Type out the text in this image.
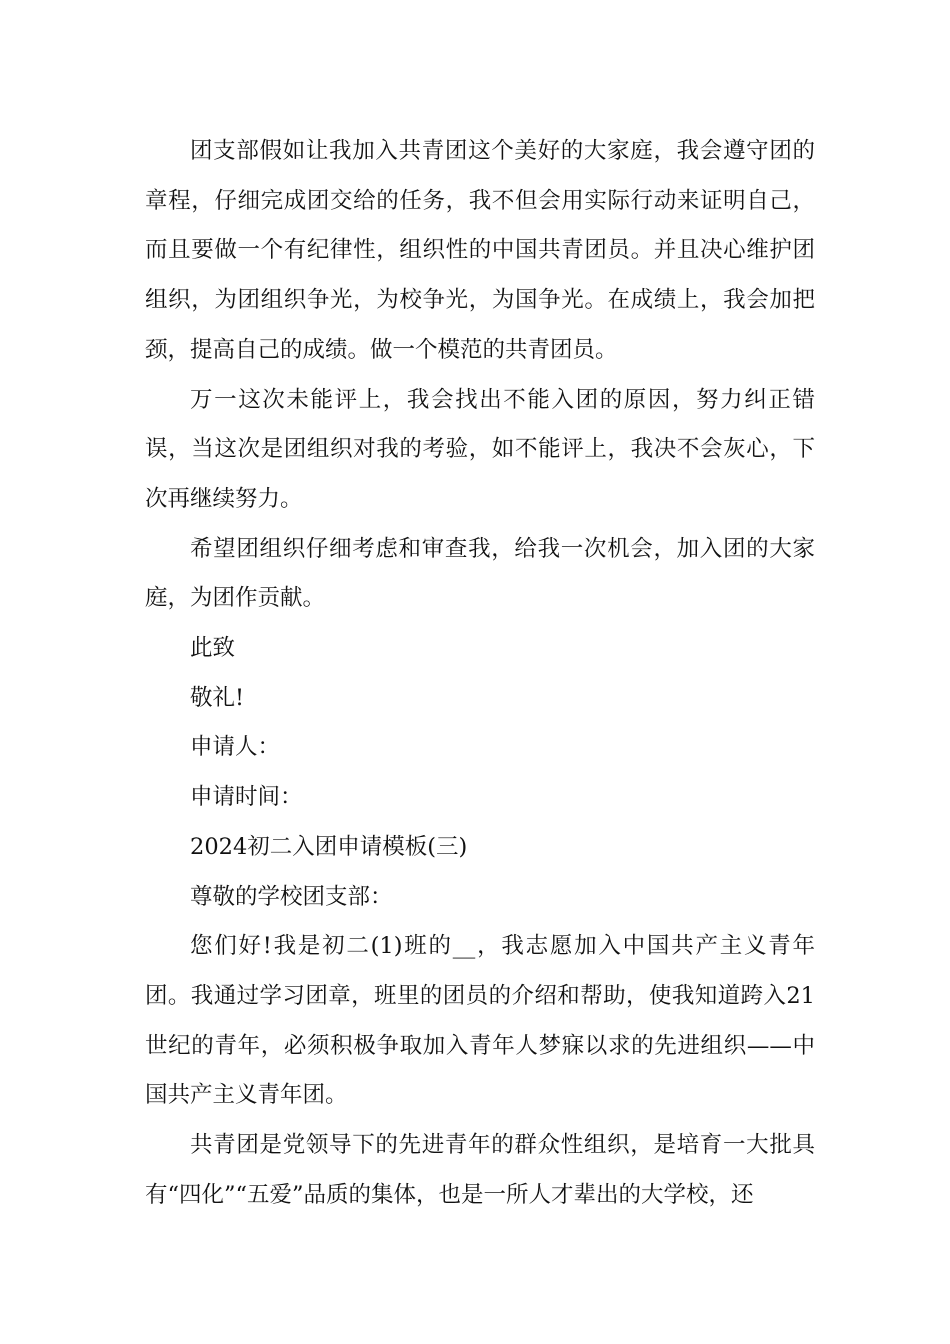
团支部假如让我加入共青团这个美好的大家庭，我会遵守团的章程，仔细完成团交给的任务，我不但会用实际行动来证明自己，而且要做一个有纪律性，组织性的中国共青团员。并且决心维护团组织，为团组织争光，为校争光，为国争光。在成绩上，我会加把颈，提高自己的成绩。做一个模范的共青团员。

万一这次未能评上，我会找出不能入团的原因，努力纠正错误，当这次是团组织对我的考验，如不能评上，我决不会灰心，下次再继续努力。

希望团组织仔细考虑和审查我，给我一次机会，加入团的大家庭，为团作贡献。

此致
敬礼!
申请人：
申请时间：
2024初二入团申请模板(三)
尊敬的学校团支部：

您们好!我是初二(1)班的__，我志愿加入中国共产主义青年团。我通过学习团章，班里的团员的介绍和帮助，使我知道跨入21世纪的青年，必须积极争取加入青年人梦寐以求的先进组织——中国共产主义青年团。

共青团是党领导下的先进青年的群众性组织，是培育一大批具有“四化”“五爱”品质的集体，也是一所人才辈出的大学校，还
